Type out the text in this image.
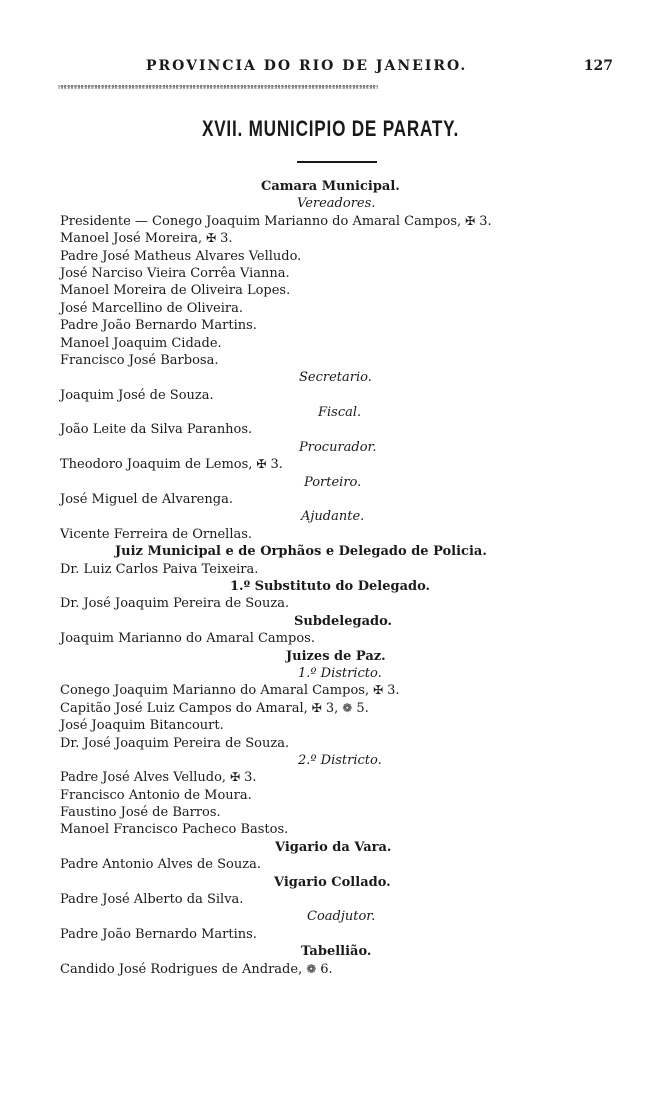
PROVINCIA DO RIO DE JANEIRO.	127
ᴴᴴᴴᴴᴴᴴᴴᴴᴴᴴᴴᴴᴴᴴᴴᴴᴴᴴᴴᴴᴴᴴᴴᴴᴴᴴᴴᴴᴴᴴᴴᴴᴴᴴᴴᴴᴴᴴᴴᴴᴴᴴᴴᴴᴴᴴᴴᴴᴴᴴᴴᴴᴴᴴᴴᴴᴴᴴᴴᴴᴴᴴᴴᴴᴴᴴᴴᴴᴴᴴᴴᴴᴴᴴᴴᴴᴴᴴᴴᴴᴴᴴᴴᴴᴴᴴᴴᴴᴴᴴᴴᴴᴴᴴ
XVII. MUNICIPIO DE PARATY.
Camara Municipal.
Vereadores.
Presidente — Conego Joaquim Marianno do Amaral Campos, ✠ 3.
Manoel José Moreira, ✠ 3.
Padre José Matheus Alvares Velludo.
José Narciso Vieira Corrêa Vianna.
Manoel Moreira de Oliveira Lopes.
José Marcellino de Oliveira.
Padre João Bernardo Martins.
Manoel Joaquim Cidade.
Francisco José Barbosa.
Secretario.
Joaquim José de Souza.
Fiscal.
João Leite da Silva Paranhos.
Procurador.
Theodoro Joaquim de Lemos, ✠ 3.
Porteiro.
José Miguel de Alvarenga.
Ajudante.
Vicente Ferreira de Ornellas.
Juiz Municipal e de Orphãos e Delegado de Policia.
Dr. Luiz Carlos Paiva Teixeira.
1.º Substituto do Delegado.
Dr. José Joaquim Pereira de Souza.
Subdelegado.
Joaquim Marianno do Amaral Campos.
Juizes de Paz.
1.º Districto.
Conego Joaquim Marianno do Amaral Campos, ✠ 3.
Capitão José Luiz Campos do Amaral, ✠ 3, ❁ 5.
José Joaquim Bitancourt.
Dr. José Joaquim Pereira de Souza.
2.º Districto.
Padre José Alves Velludo, ✠ 3.
Francisco Antonio de Moura.
Faustino José de Barros.
Manoel Francisco Pacheco Bastos.
Vigario da Vara.
Padre Antonio Alves de Souza.
Vigario Collado.
Padre José Alberto da Silva.
Coadjutor.
Padre João Bernardo Martins.
Tabellião.
Candido José Rodrigues de Andrade, ❁ 6.
